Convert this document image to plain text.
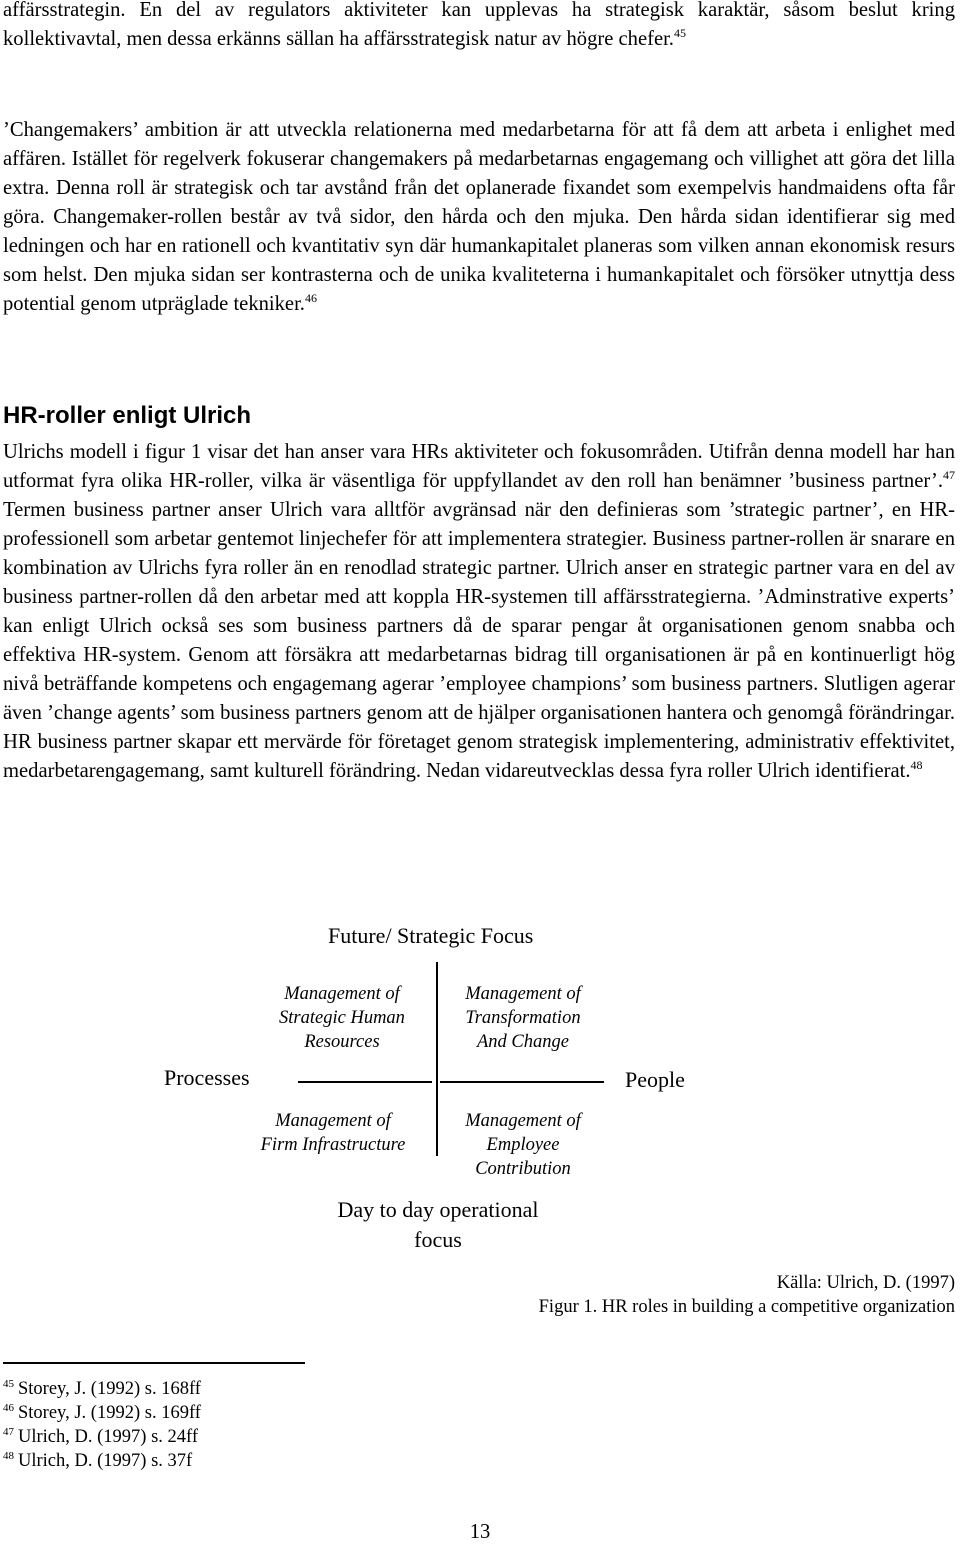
affärsstrategin. En del av regulators aktiviteter kan upplevas ha strategisk karaktär, såsom beslut kring kollektivavtal, men dessa erkänns sällan ha affärsstrategisk natur av högre chefer.$^{45}$

’Changemakers’ ambition är att utveckla relationerna med medarbetarna för att få dem att arbeta i enlighet med affären. Istället för regelverk fokuserar changemakers på medarbetarnas engagemang och villighet att göra det lilla extra. Denna roll är strategisk och tar avstånd från det oplanerade fixandet som exempelvis handmaidens ofta får göra. Changemaker-rollen består av två sidor, den hårda och den mjuka. Den hårda sidan identifierar sig med ledningen och har en rationell och kvantitativ syn där humankapitalet planeras som vilken annan ekonomisk resurs som helst. Den mjuka sidan ser kontrasterna och de unika kvaliteterna i humankapitalet och försöker utnyttja dess potential genom utpräglade tekniker.$^{46}$

HR-roller enligt Ulrich

Ulrichs modell i figur 1 visar det han anser vara HRs aktiviteter och fokusområden. Utifrån denna modell har han utformat fyra olika HR-roller, vilka är väsentliga för uppfyllandet av den roll han benämner ’business partner’.$^{47}$ Termen business partner anser Ulrich vara alltför avgränsad när den definieras som ’strategic partner’, en HR-professionell som arbetar gentemot linjechefer för att implementera strategier. Business partner-rollen är snarare en kombination av Ulrichs fyra roller än en renodlad strategic partner. Ulrich anser en strategic partner vara en del av business partner-rollen då den arbetar med att koppla HR-systemen till affärsstrategierna. ’Adminstrative experts’ kan enligt Ulrich också ses som business partners då de sparar pengar åt organisationen genom snabba och effektiva HR-system. Genom att försäkra att medarbetarnas bidrag till organisationen är på en kontinuerligt hög nivå beträffande kompetens och engagemang agerar ’employee champions’ som business partners. Slutligen agerar även ’change agents’ som business partners genom att de hjälper organisationen hantera och genomgå förändringar. HR business partner skapar ett mervärde för företaget genom strategisk implementering, administrativ effektivitet, medarbetarengagemang, samt kulturell förändring. Nedan vidareutvecklas dessa fyra roller Ulrich identifierat.$^{48}$

Future/ Strategic Focus
Management of
Strategic Human
Resources
Management of
Transformation
And Change
Processes	People
Management of
Firm Infrastructure
Management of
Employee
Contribution
Day to day operational
focus
Källa: Ulrich, D. (1997)
Figur 1. HR roles in building a competitive organization
$^{45}$ Storey, J. (1992) s. 168ff
$^{46}$ Storey, J. (1992) s. 169ff
$^{47}$ Ulrich, D. (1997) s. 24ff
$^{48}$ Ulrich, D. (1997) s. 37f
13
